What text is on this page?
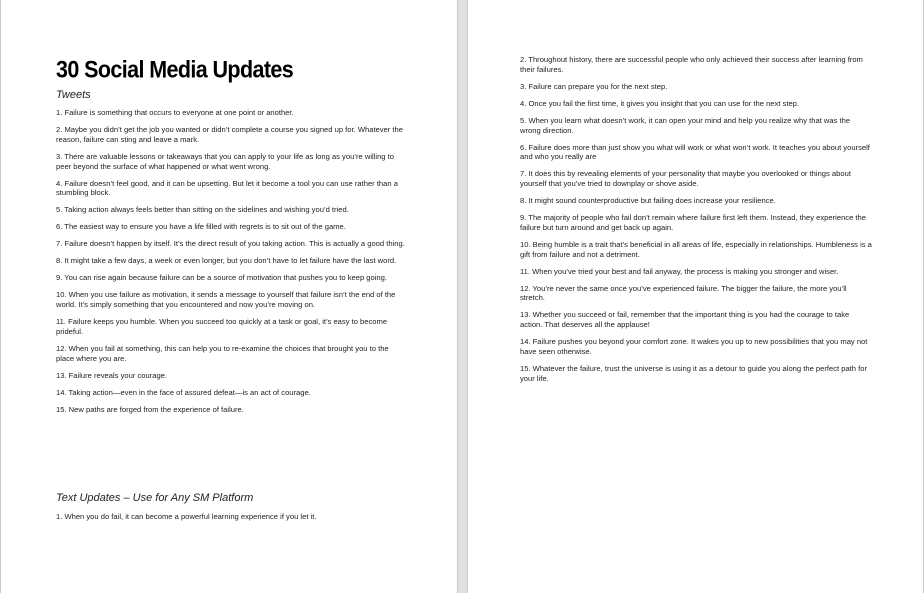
30 Social Media Updates
Tweets
1. Failure is something that occurs to everyone at one point or another.
2. Maybe you didn’t get the job you wanted or didn’t complete a course you signed up for. Whatever the reason, failure can sting and leave a mark.
3. There are valuable lessons or takeaways that you can apply to your life as long as you’re willing to peer beyond the surface of what happened or what went wrong.
4. Failure doesn’t feel good, and it can be upsetting. But let it become a tool you can use rather than a stumbling block.
5. Taking action always feels better than sitting on the sidelines and wishing you’d tried.
6. The easiest way to ensure you have a life filled with regrets is to sit out of the game.
7. Failure doesn’t happen by itself. It’s the direct result of you taking action. This is actually a good thing.
8. It might take a few days, a week or even longer, but you don’t have to let failure have the last word.
9. You can rise again because failure can be a source of motivation that pushes you to keep going.
10. When you use failure as motivation, it sends a message to yourself that failure isn’t the end of the world. It’s simply something that you encountered and now you’re moving on.
11. Failure keeps you humble. When you succeed too quickly at a task or goal, it’s easy to become prideful.
12. When you fail at something, this can help you to re-examine the choices that brought you to the place where you are.
13. Failure reveals your courage.
14. Taking action—even in the face of assured defeat—is an act of courage.
15. New paths are forged from the experience of failure.
Text Updates – Use for Any SM Platform
1. When you do fail, it can become a powerful learning experience if you let it.
2. Throughout history, there are successful people who only achieved their success after learning from their failures.
3. Failure can prepare you for the next step.
4. Once you fail the first time, it gives you insight that you can use for the next step.
5. When you learn what doesn’t work, it can open your mind and help you realize why that was the wrong direction.
6. Failure does more than just show you what will work or what won’t work. It teaches you about yourself and who you really are
7. It does this by revealing elements of your personality that maybe you overlooked or things about yourself that you’ve tried to downplay or shove aside.
8. It might sound counterproductive but failing does increase your resilience.
9. The majority of people who fail don’t remain where failure first left them. Instead, they experience the failure but turn around and get back up again.
10. Being humble is a trait that’s beneficial in all areas of life, especially in relationships. Humbleness is a gift from failure and not a detriment.
11. When you’ve tried your best and fail anyway, the process is making you stronger and wiser.
12. You’re never the same once you’ve experienced failure. The bigger the failure, the more you’ll stretch.
13. Whether you succeed or fail, remember that the important thing is you had the courage to take action. That deserves all the applause!
14. Failure pushes you beyond your comfort zone. It wakes you up to new possibilities that you may not have seen otherwise.
15. Whatever the failure, trust the universe is using it as a detour to guide you along the perfect path for your life.
